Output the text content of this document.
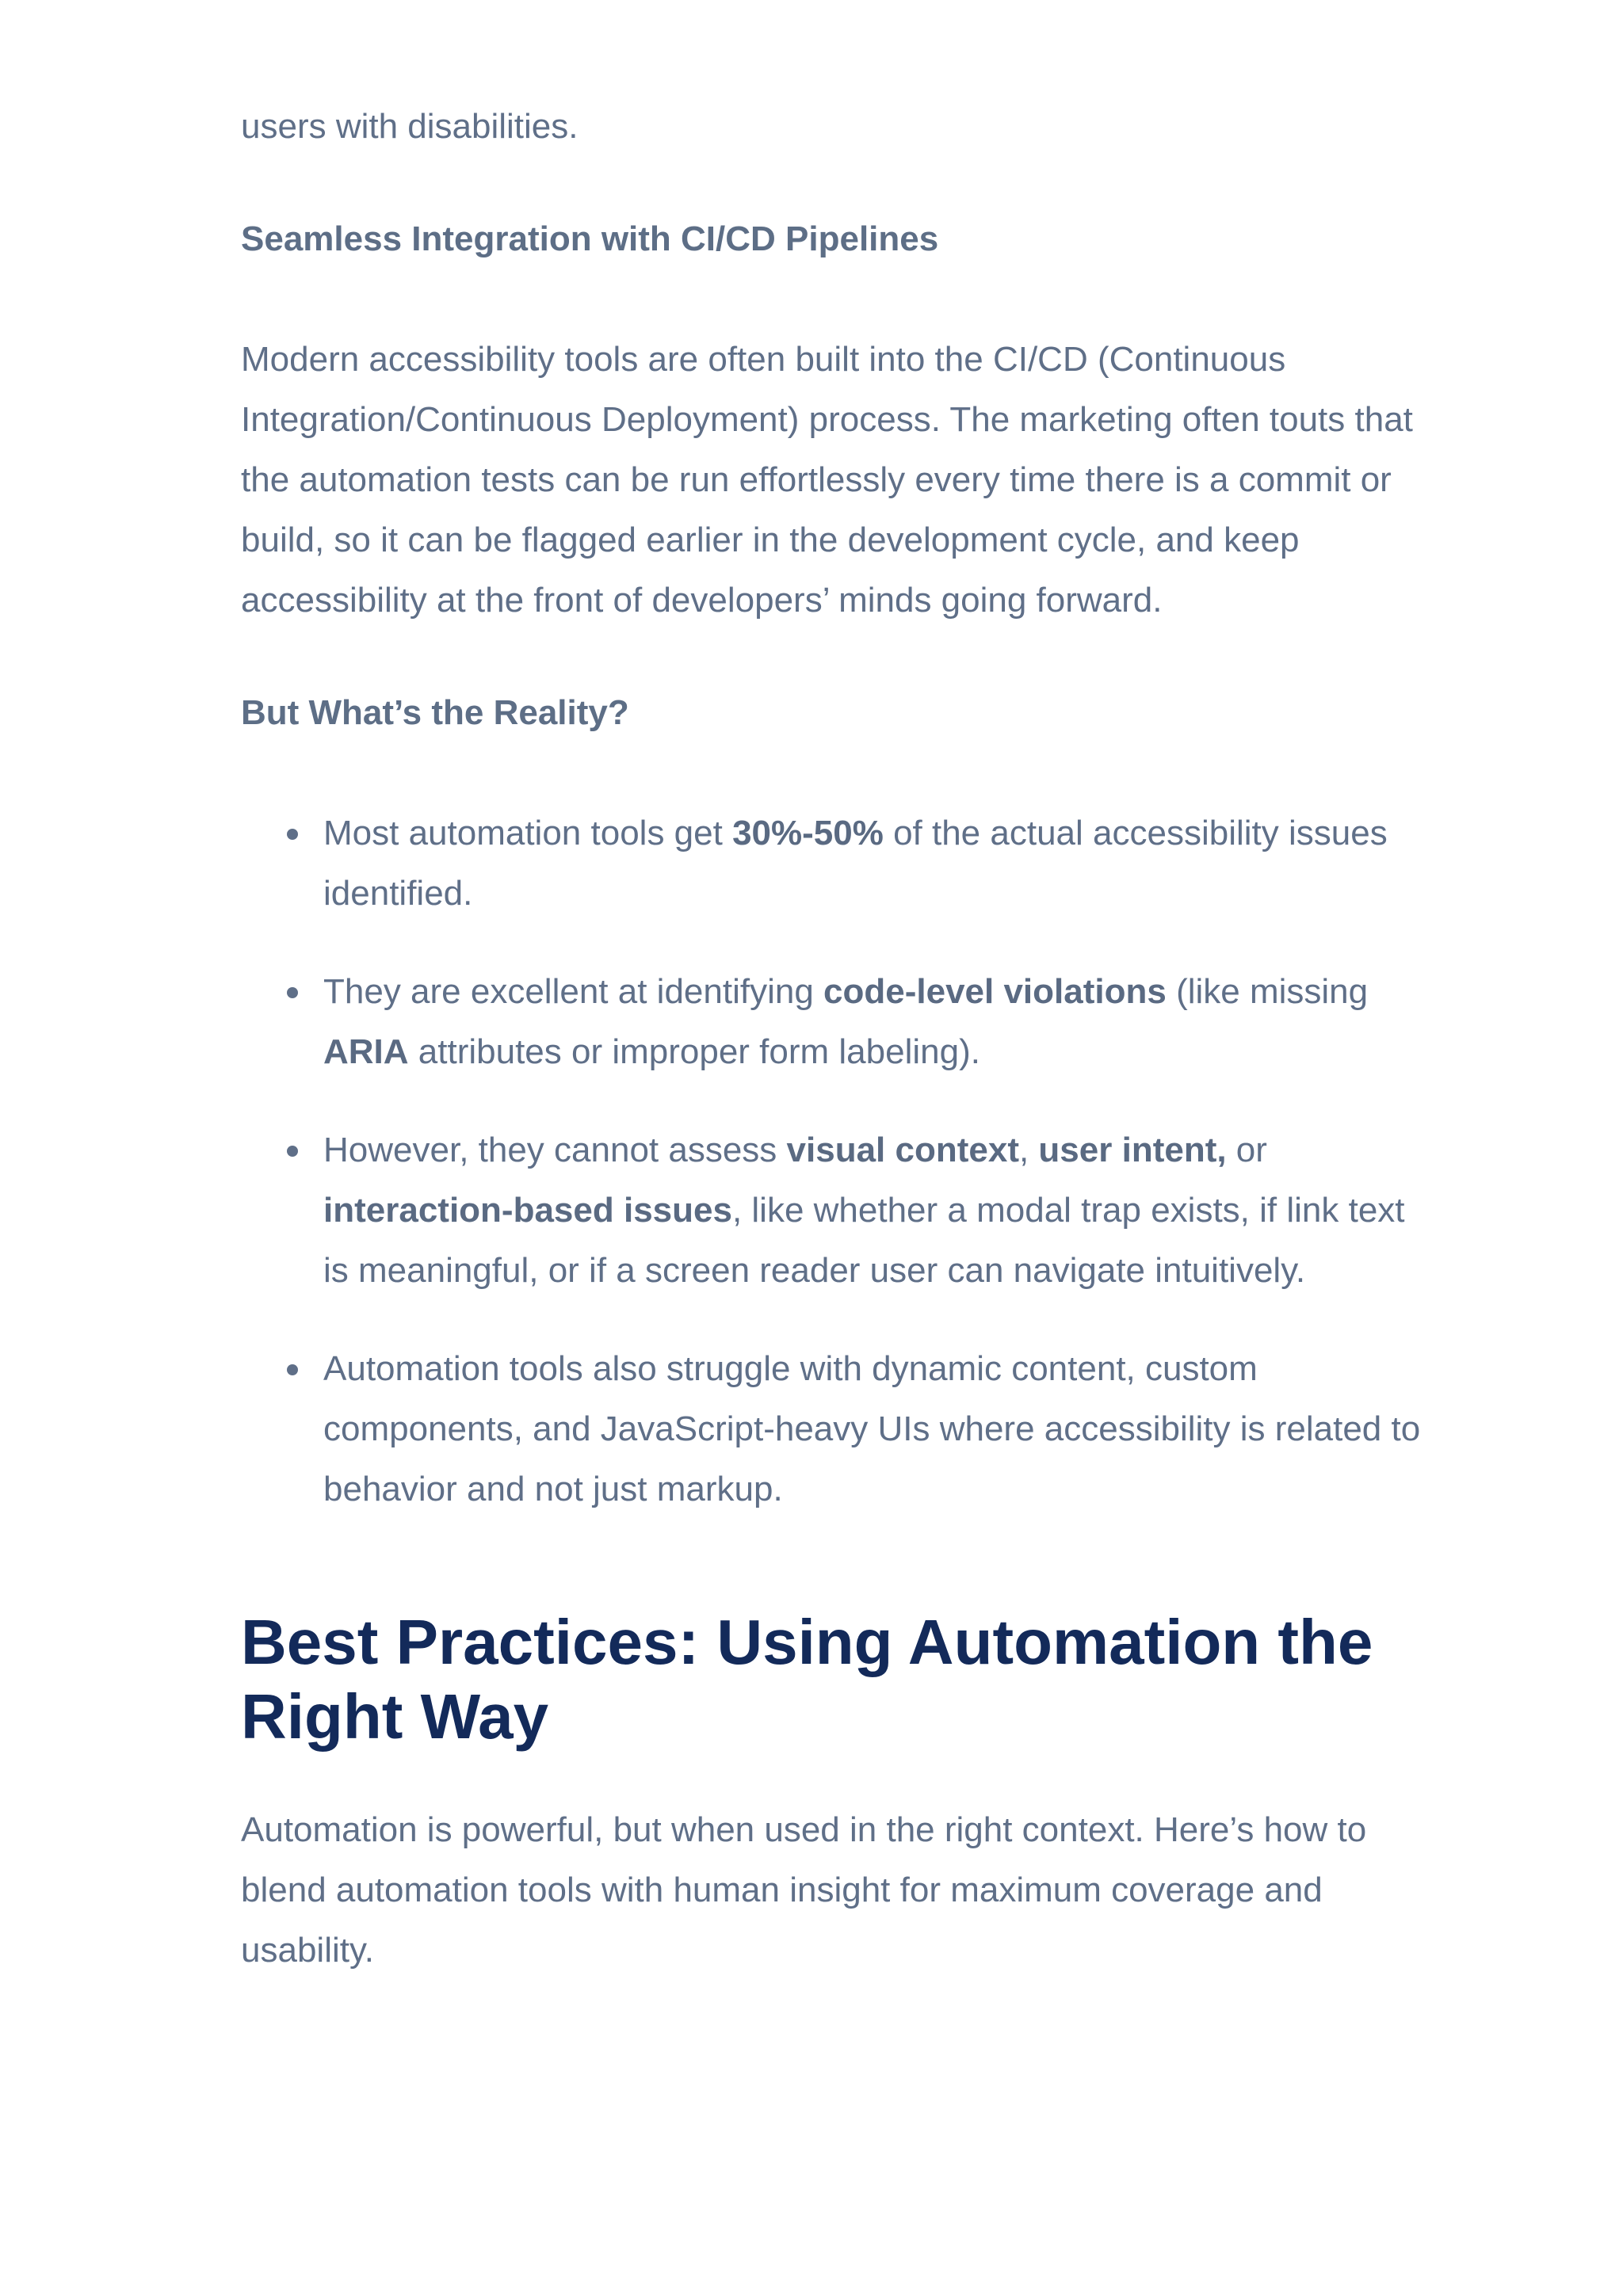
users with disabilities.

Seamless Integration with CI/CD Pipelines

Modern accessibility tools are often built into the CI/CD (Continuous Integration/Continuous Deployment) process. The marketing often touts that the automation tests can be run effortlessly every time there is a commit or build, so it can be flagged earlier in the development cycle, and keep accessibility at the front of developers’ minds going forward.

But What’s the Reality?
Most automation tools get 30%-50% of the actual accessibility issues identified.
They are excellent at identifying code-level violations (like missing ARIA attributes or improper form labeling).
However, they cannot assess visual context, user intent, or interaction-based issues, like whether a modal trap exists, if link text is meaningful, or if a screen reader user can navigate intuitively.
Automation tools also struggle with dynamic content, custom components, and JavaScript-heavy UIs where accessibility is related to behavior and not just markup.
Best Practices: Using Automation the Right Way

Automation is powerful, but when used in the right context. Here’s how to blend automation tools with human insight for maximum coverage and usability.
